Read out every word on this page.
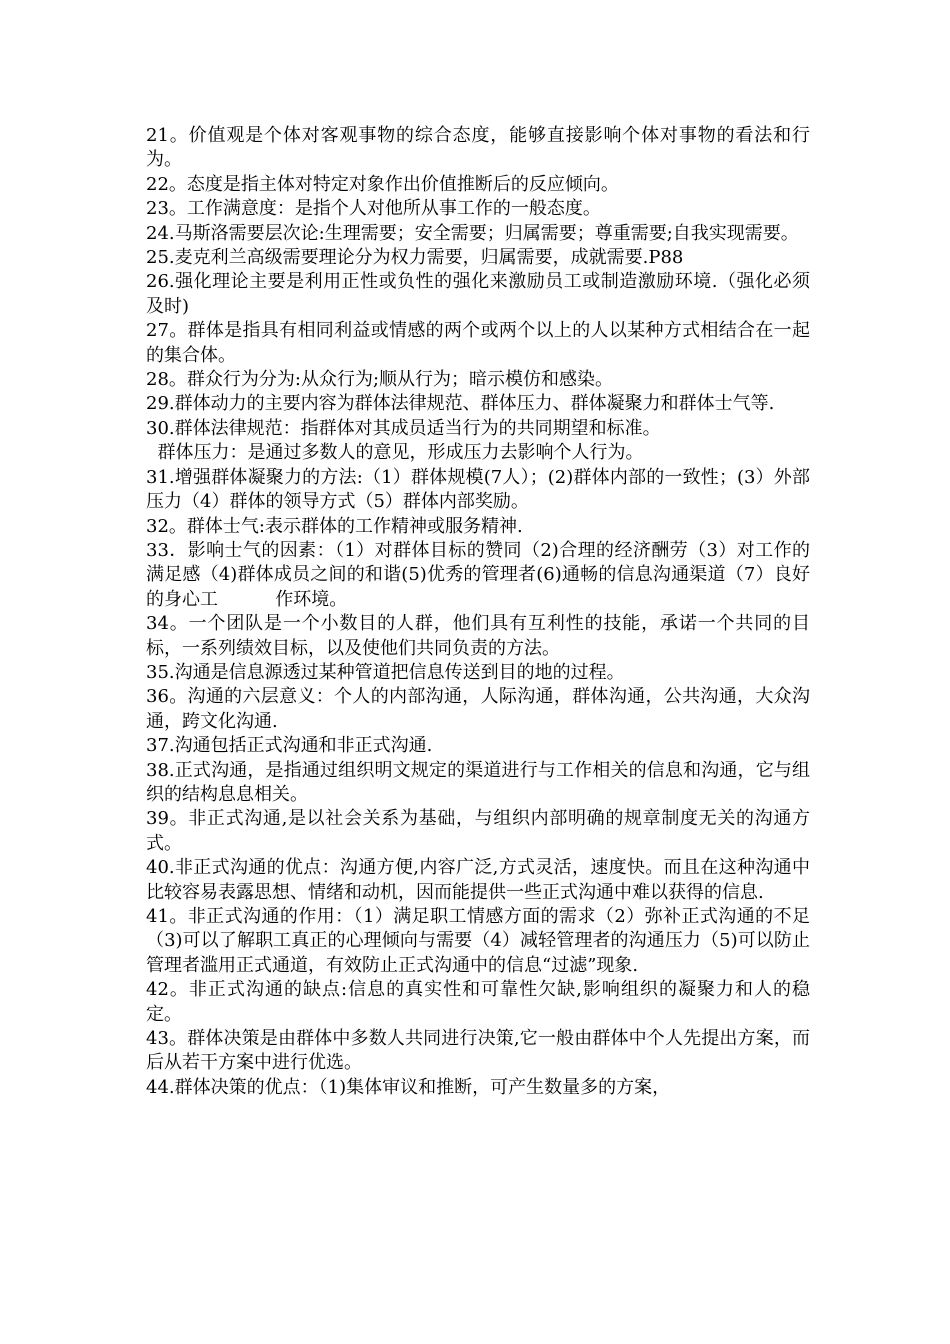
21。价值观是个体对客观事物的综合态度，能够直接影响个体对事物的看法和行为。

22。态度是指主体对特定对象作出价值推断后的反应倾向。

23。工作满意度：是指个人对他所从事工作的一般态度。

24.马斯洛需要层次论:生理需要；安全需要；归属需要；尊重需要;自我实现需要。

25.麦克利兰高级需要理论分为权力需要，归属需要，成就需要.P88

26.强化理论主要是利用正性或负性的强化来激励员工或制造激励环境.（强化必须及时)

27。群体是指具有相同利益或情感的两个或两个以上的人以某种方式相结合在一起的集合体。

28。群众行为分为:从众行为;顺从行为；暗示模仿和感染。

29.群体动力的主要内容为群体法律规范、群体压力、群体凝聚力和群体士气等.

30.群体法律规范：指群体对其成员适当行为的共同期望和标准。

群体压力：是通过多数人的意见，形成压力去影响个人行为。

31.增强群体凝聚力的方法:（1）群体规模(7人）；(2)群体内部的一致性；(3）外部压力（4）群体的领导方式（5）群体内部奖励。

32。群体士气:表示群体的工作精神或服务精神.

33．影响士气的因素：（1）对群体目标的赞同（2)合理的经济酬劳（3）对工作的满足感（4)群体成员之间的和谐(5)优秀的管理者(6)通畅的信息沟通渠道（7）良好的身心工          作环境。

34。一个团队是一个小数目的人群，他们具有互利性的技能，承诺一个共同的目标，一系列绩效目标，以及使他们共同负责的方法。

35.沟通是信息源透过某种管道把信息传送到目的地的过程。

36。沟通的六层意义：个人的内部沟通，人际沟通，群体沟通，公共沟通，大众沟通，跨文化沟通.

37.沟通包括正式沟通和非正式沟通.

38.正式沟通，是指通过组织明文规定的渠道进行与工作相关的信息和沟通，它与组织的结构息息相关。

39。非正式沟通,是以社会关系为基础，与组织内部明确的规章制度无关的沟通方式。

40.非正式沟通的优点：沟通方便,内容广泛,方式灵活，速度快。而且在这种沟通中比较容易表露思想、情绪和动机，因而能提供一些正式沟通中难以获得的信息.

41。非正式沟通的作用：（1）满足职工情感方面的需求（2）弥补正式沟通的不足（3)可以了解职工真正的心理倾向与需要（4）减轻管理者的沟通压力（5)可以防止管理者滥用正式通道，有效防止正式沟通中的信息“过滤”现象.

42。非正式沟通的缺点:信息的真实性和可靠性欠缺,影响组织的凝聚力和人的稳定。

43。群体决策是由群体中多数人共同进行决策,它一般由群体中个人先提出方案，而后从若干方案中进行优选。

44.群体决策的优点：（1)集体审议和推断，可产生数量多的方案，
